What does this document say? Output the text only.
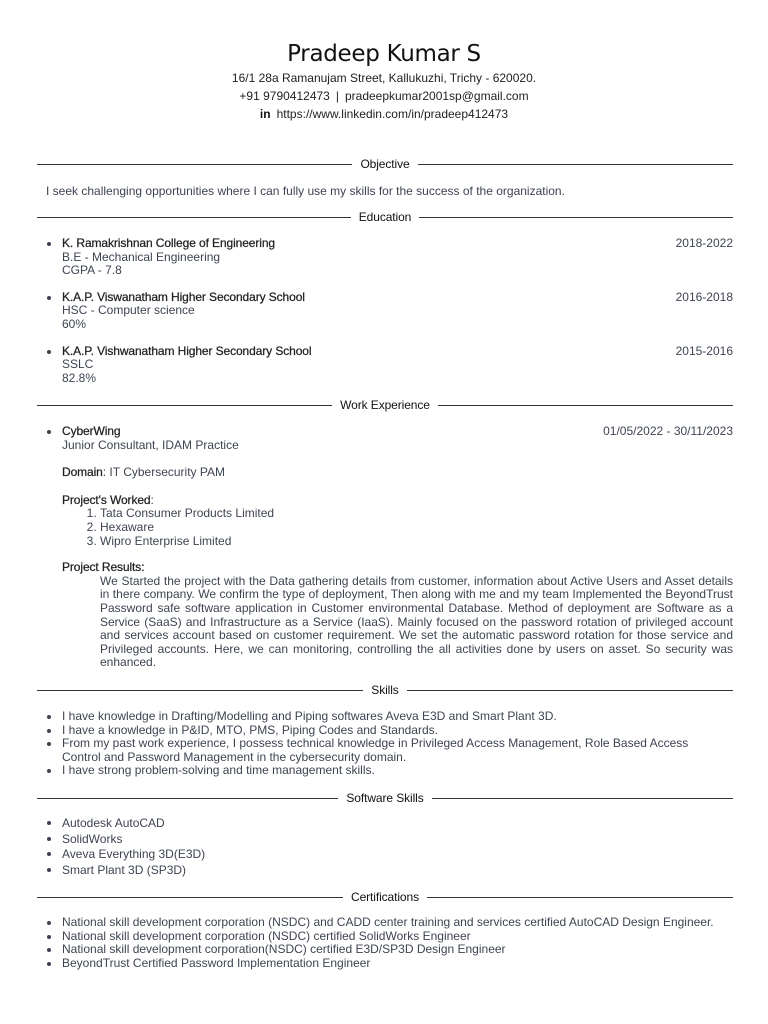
Pradeep Kumar S
16/1 28a Ramanujam Street, Kallukuzhi, Trichy - 620020.
+91 9790412473 | pradeepkumar2001sp@gmail.com
in https://www.linkedin.com/in/pradeep412473
Objective
I seek challenging opportunities where I can fully use my skills for the success of the organization.
Education
K. Ramakrishnan College of Engineering
B.E - Mechanical Engineering
CGPA - 7.8
2018-2022
K.A.P. Viswanatham Higher Secondary School
HSC - Computer science
60%
2016-2018
K.A.P. Vishwanatham Higher Secondary School
SSLC
82.8%
2015-2016
Work Experience
CyberWing	01/05/2022 - 30/11/2023
Junior Consultant, IDAM Practice
Domain: IT Cybersecurity PAM
Project's Worked:
1. Tata Consumer Products Limited
2. Hexaware
3. Wipro Enterprise Limited
Project Results:
We Started the project with the Data gathering details from customer, information about Active Users and Asset details in there company. We confirm the type of deployment, Then along with me and my team Implemented the BeyondTrust Password safe software application in Customer environmental Database. Method of deployment are Software as a Service (SaaS) and Infrastructure as a Service (IaaS). Mainly focused on the password rotation of privileged account and services account based on customer requirement. We set the automatic password rotation for those service and Privileged accounts. Here, we can monitoring, controlling the all activities done by users on asset. So security was enhanced.
Skills
I have knowledge in Drafting/Modelling and Piping softwares Aveva E3D and Smart Plant 3D.
I have a knowledge in P&ID, MTO, PMS, Piping Codes and Standards.
From my past work experience, I possess technical knowledge in Privileged Access Management, Role Based Access Control and Password Management in the cybersecurity domain.
I have strong problem-solving and time management skills.
Software Skills
Autodesk AutoCAD
SolidWorks
Aveva Everything 3D(E3D)
Smart Plant 3D (SP3D)
Certifications
National skill development corporation (NSDC) and CADD center training and services certified AutoCAD Design Engineer.
National skill development corporation (NSDC) certified SolidWorks Engineer
National skill development corporation(NSDC) certified E3D/SP3D Design Engineer
BeyondTrust Certified Password Implementation Engineer
